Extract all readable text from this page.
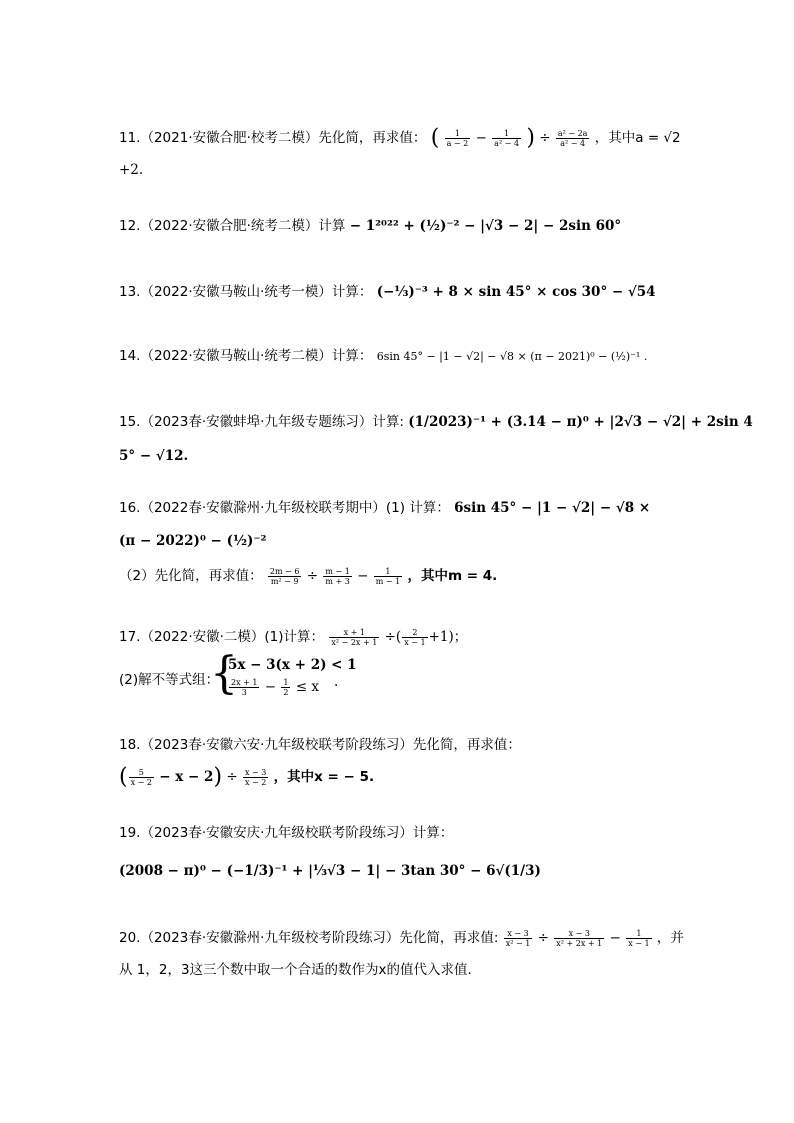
11.（2021·安徽合肥·校考二模）先化简，再求值： ( $\frac{1}{a - 2} - \frac{1}{\text{a² − 4}}$ ) ÷ $\frac{\text{a² − 2a}}{\text{a² − 4}}$ ，其中a = √2
+2.
12.（2022·安徽合肥·统考二模）计算 − 1²⁰²² + (½)⁻² − |√3 − 2| − 2sin 60°
13.（2022·安徽马鞍山·统考一模）计算： (−⅓)⁻³ + 8 × sin 45° × cos 30° − √54
14.（2022·安徽马鞍山·统考二模）计算： 6sin 45° − |1 − √2| − √8 × (π − 2021)⁰ − (½)⁻¹ .
15.（2023春·安徽蚌埠·九年级专题练习）计算: (1/2023)⁻¹ + (3.14 − π)⁰ + |2√3 − √2| + 2sin 4
5° − √12.
16.（2022春·安徽滁州·九年级校联考期中）(1) 计算： 6sin 45° − |1 − √2| − √8 ×
(π − 2022)⁰ − (½)⁻²
（2）先化简，再求值： $\frac{2m - 6}{\text{m² − 9}} \div \frac{m - 1}{m + 3} - \frac{1}{m - 1}$ ，其中m = 4.
17.（2022·安徽·二模）(1)计算： $\frac{x + 1}{\text{x² − 2x + 1}}$ ÷( $\frac{2}{x - 1} +1$)；
(2)解不等式组：
{
5x − 3(x + 2) < 1
$\frac{2x + 1}{3} - \frac{1}{2} \le x$ .
18.（2023春·安徽六安·九年级校联考阶段练习）先化简，再求值：
( $\frac{5}{x - 2} - x - 2) \div \frac{x - 3}{x - 2}$ ，其中x = − 5.
19.（2023春·安徽安庆·九年级校联考阶段练习）计算：
(2008 − π)⁰ − (−1/3)⁻¹ + |⅓√3 − 1| − 3tan 30° − 6√(1/3)
20.（2023春·安徽滁州·九年级校考阶段练习）先化简，再求值: $\frac{x - 3}{\text{x² − 1}} \div \frac{x - 3}{\text{x² + 2x + 1}} - \frac{1}{x - 1}$ ，并
从 1，2，3这三个数中取一个合适的数作为x的值代入求值.
